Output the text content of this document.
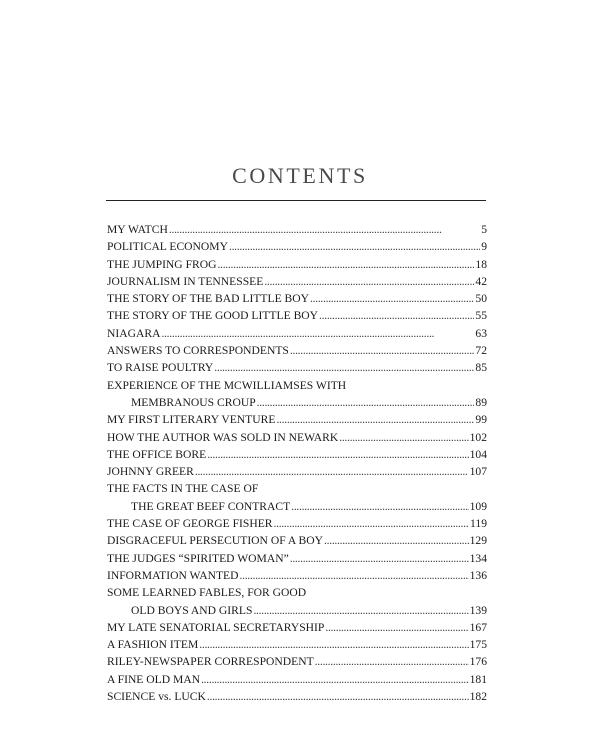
CONTENTS
MY WATCH . . .	5
POLITICAL ECONOMY . . .	9
THE JUMPING FROG . . .	18
JOURNALISM IN TENNESSEE . . .	42
THE STORY OF THE BAD LITTLE BOY . . .	50
THE STORY OF THE GOOD LITTLE BOY . . .	55
NIAGARA . . .	63
ANSWERS TO CORRESPONDENTS . . .	72
TO RAISE POULTRY . . .	85
EXPERIENCE OF THE MCWILLIAMSES WITH
MEMBRANOUS CROUP . . .	89
MY FIRST LITERARY VENTURE . . .	99
HOW THE AUTHOR WAS SOLD IN NEWARK . . .	102
THE OFFICE BORE . . .	104
JOHNNY GREER . . .	107
THE FACTS IN THE CASE OF
THE GREAT BEEF CONTRACT . . .	109
THE CASE OF GEORGE FISHER . . .	119
DISGRACEFUL PERSECUTION OF A BOY . . .	129
THE JUDGES “SPIRITED WOMAN” . . .	134
INFORMATION WANTED . . .	136
SOME LEARNED FABLES, FOR GOOD
OLD BOYS AND GIRLS . . .	139
MY LATE SENATORIAL SECRETARYSHIP . . .	167
A FASHION ITEM . . .	175
RILEY-NEWSPAPER CORRESPONDENT . . .	176
A FINE OLD MAN . . .	181
SCIENCE vs. LUCK . . .	182
